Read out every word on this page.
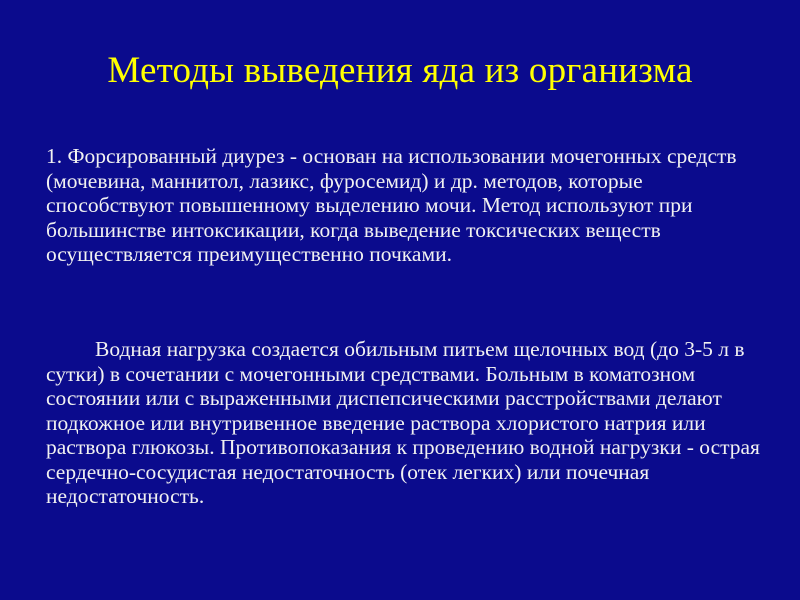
Методы выведения яда из организма

1. Форсированный диурез - основан на использовании мочегонных средств (мочевина, маннитол, лазикс, фуросемид) и др. методов, которые способствуют повышенному выделению мочи. Метод используют при большинстве интоксикации, когда выведение токсических веществ осуществляется преимущественно почками.

Водная нагрузка создается обильным питьем щелочных вод (до 3-5 л в сутки) в сочетании с мочегонными средствами. Больным в коматозном состоянии или с выраженными диспепсическими расстройствами делают подкожное или внутривенное введение раствора хлористого натрия или раствора глюкозы. Противопоказания к проведению водной нагрузки - острая сердечно-сосудистая недостаточность (отек легких) или почечная недостаточность.
